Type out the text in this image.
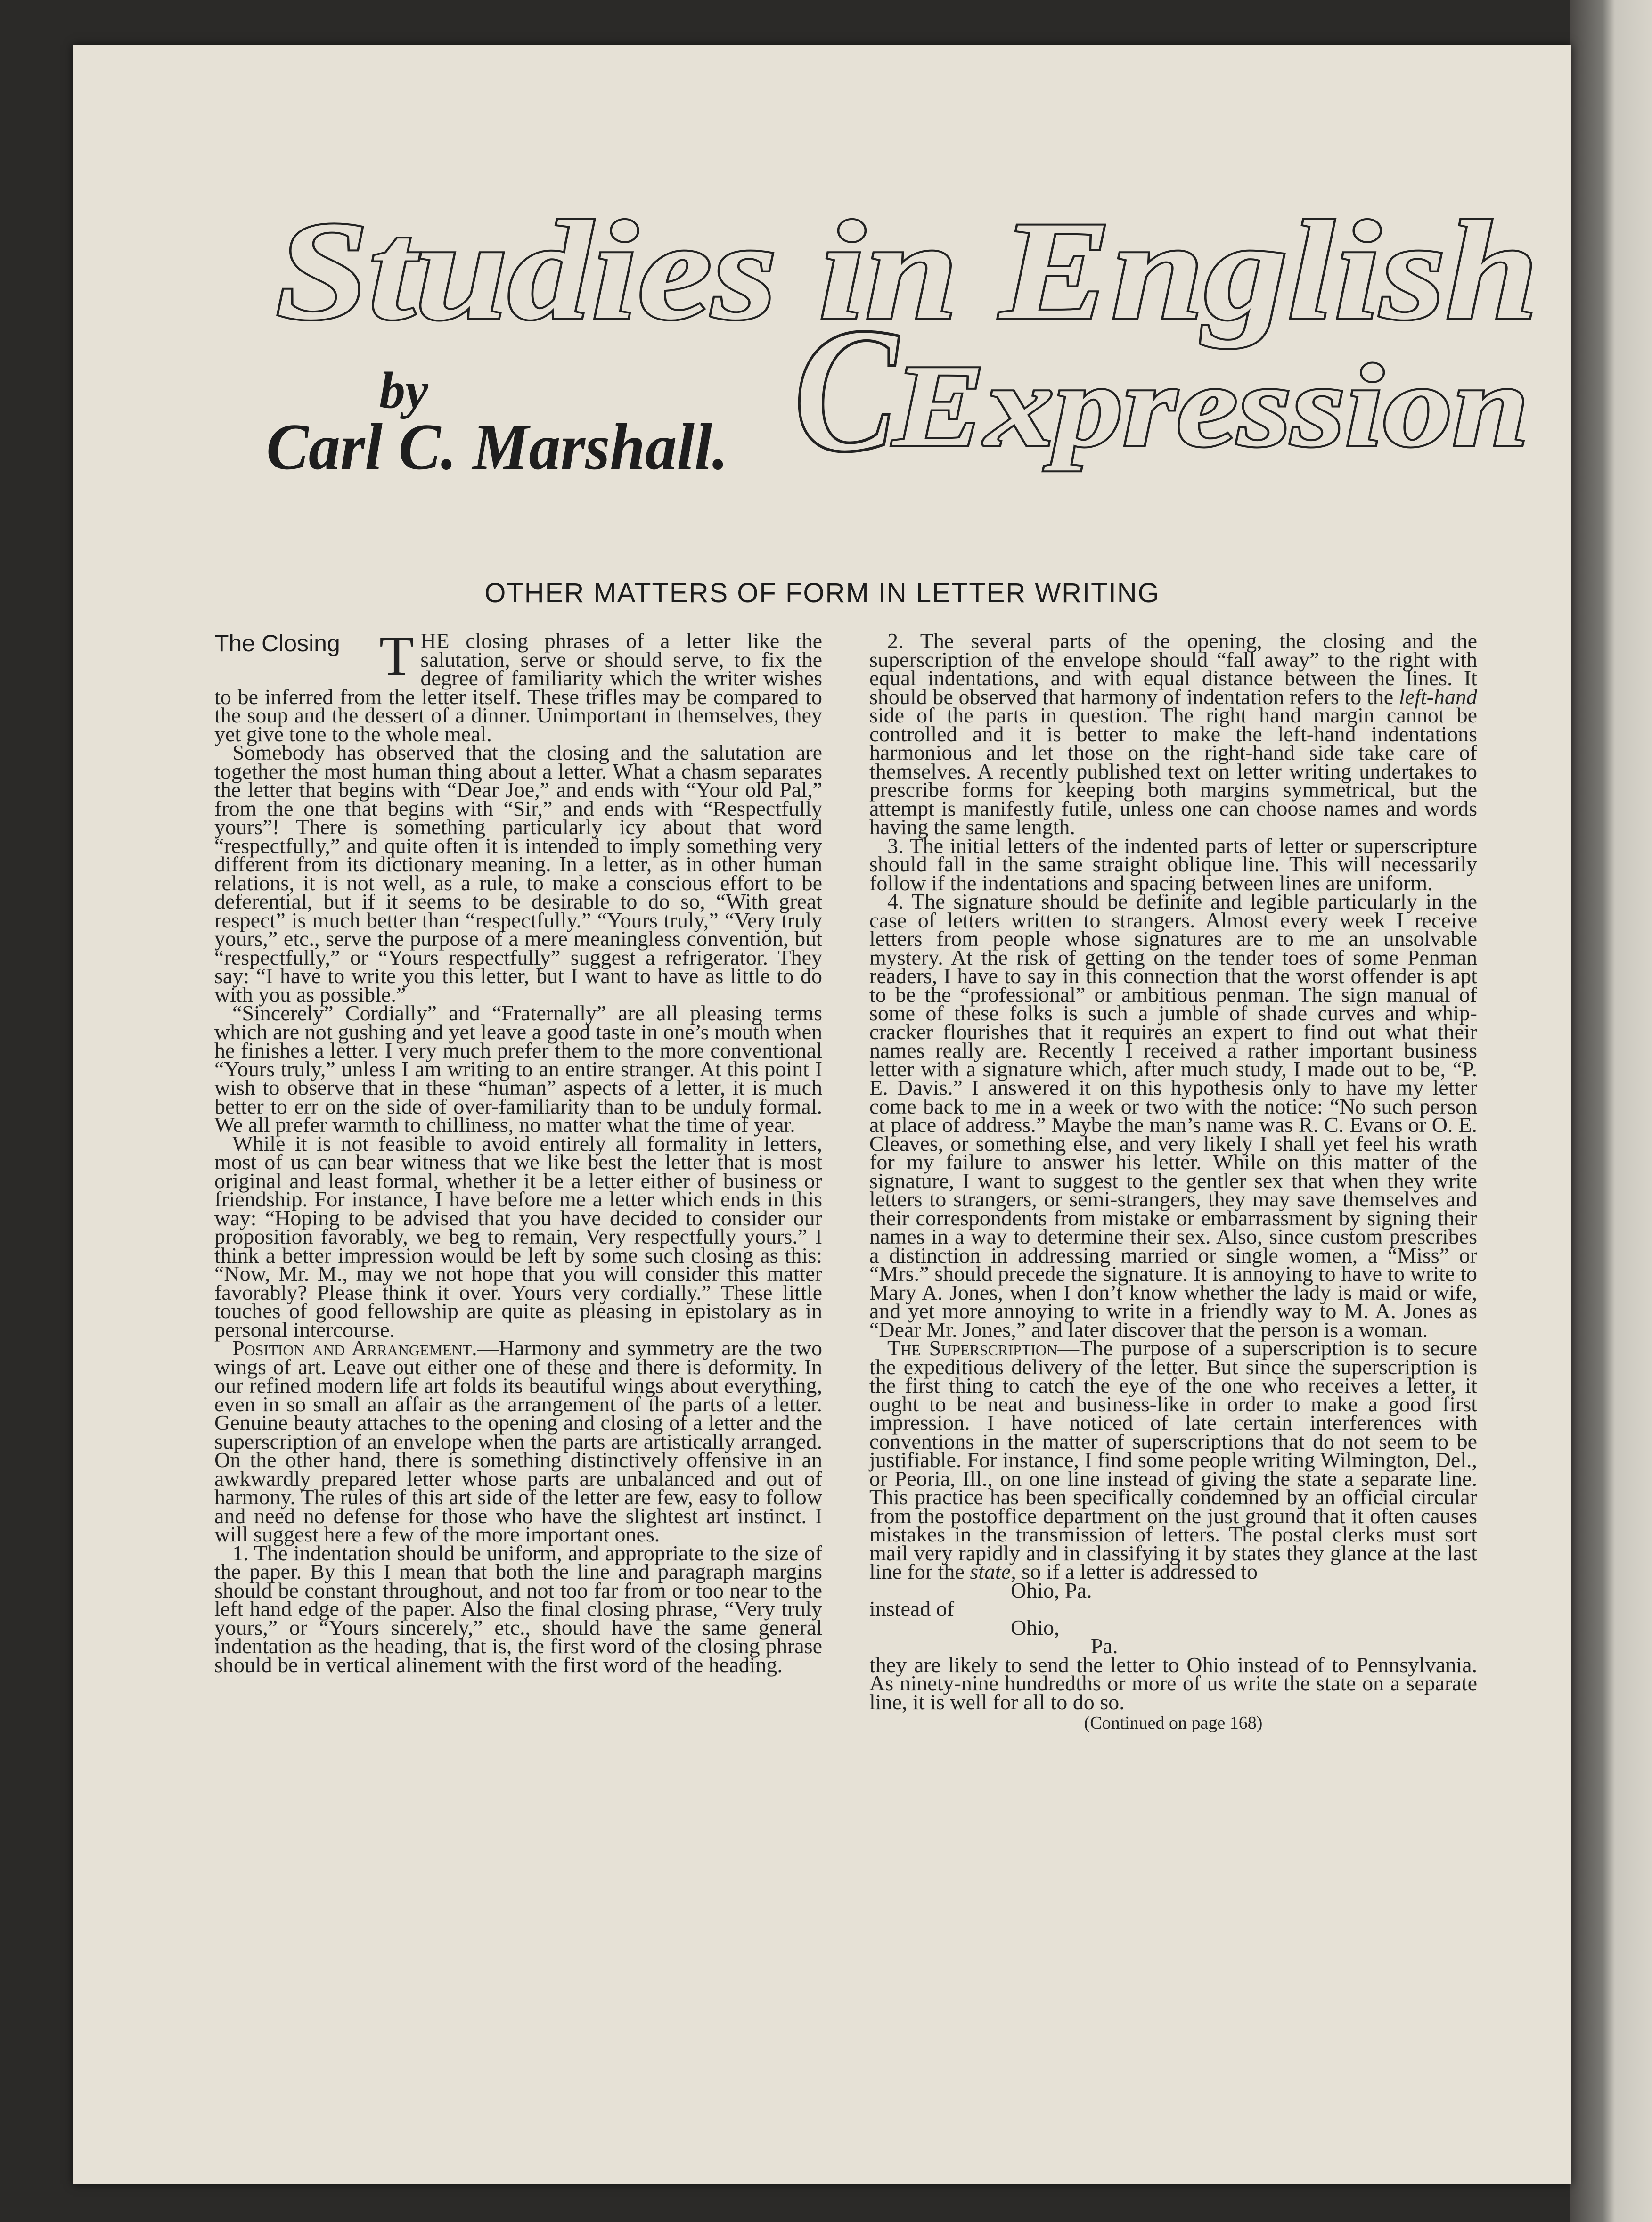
Studies in English
C
Expression
by
Carl C. Marshall.
OTHER MATTERS OF FORM IN LETTER WRITING

The Closing T HE closing phrases of a letter like the salutation, serve or should serve, to fix the degree of familiarity which the writer wishes to be inferred from the letter itself. These trifles may be compared to the soup and the dessert of a dinner. Unimportant in themselves, they yet give tone to the whole meal.

Somebody has observed that the closing and the salutation are together the most human thing about a letter. What a chasm separates the letter that begins with “Dear Joe,” and ends with “Your old Pal,” from the one that begins with “Sir,” and ends with “Respectfully yours”! There is something particularly icy about that word “respectfully,” and quite often it is intended to imply something very different from its dictionary meaning. In a letter, as in other human relations, it is not well, as a rule, to make a conscious effort to be deferential, but if it seems to be desirable to do so, “With great respect” is much better than “respectfully.” “Yours truly,” “Very truly yours,” etc., serve the purpose of a mere meaningless convention, but “respectfully,” or “Yours respectfully” suggest a refrigerator. They say: “I have to write you this letter, but I want to have as little to do with you as possible.”

“Sincerely” Cordially” and “Fraternally” are all pleasing terms which are not gushing and yet leave a good taste in one’s mouth when he finishes a letter. I very much prefer them to the more conventional “Yours truly,” unless I am writing to an entire stranger. At this point I wish to observe that in these “human” aspects of a letter, it is much better to err on the side of over-familiarity than to be unduly formal. We all prefer warmth to chilliness, no matter what the time of year.

While it is not feasible to avoid entirely all formality in letters, most of us can bear witness that we like best the letter that is most original and least formal, whether it be a letter either of business or friendship. For instance, I have before me a letter which ends in this way: “Hoping to be advised that you have decided to consider our proposition favorably, we beg to remain, Very respectfully yours.” I think a better impression would be left by some such closing as this: “Now, Mr. M., may we not hope that you will consider this matter favorably? Please think it over. Yours very cordially.” These little touches of good fellowship are quite as pleasing in epistolary as in personal intercourse.

Position and Arrangement.—Harmony and symmetry are the two wings of art. Leave out either one of these and there is deformity. In our refined modern life art folds its beautiful wings about everything, even in so small an affair as the arrangement of the parts of a letter. Genuine beauty attaches to the opening and closing of a letter and the superscription of an envelope when the parts are artistically arranged. On the other hand, there is something distinctively offensive in an awkwardly prepared letter whose parts are unbalanced and out of harmony. The rules of this art side of the letter are few, easy to follow and need no defense for those who have the slightest art instinct. I will suggest here a few of the more important ones.

1. The indentation should be uniform, and appropriate to the size of the paper. By this I mean that both the line and paragraph margins should be constant throughout, and not too far from or too near to the left hand edge of the paper. Also the final closing phrase, “Very truly yours,” or “Yours sincerely,” etc., should have the same general indentation as the heading, that is, the first word of the closing phrase should be in vertical alinement with the first word of the heading.

2. The several parts of the opening, the closing and the superscription of the envelope should “fall away” to the right with equal indentations, and with equal distance between the lines. It should be observed that harmony of indentation refers to the left-hand side of the parts in question. The right hand margin cannot be controlled and it is better to make the left-hand indentations harmonious and let those on the right-hand side take care of themselves. A recently published text on letter writing undertakes to prescribe forms for keeping both margins symmetrical, but the attempt is manifestly futile, unless one can choose names and words having the same length.

3. The initial letters of the indented parts of letter or superscripture should fall in the same straight oblique line. This will necessarily follow if the indentations and spacing between lines are uniform.

4. The signature should be definite and legible particularly in the case of letters written to strangers. Almost every week I receive letters from people whose signatures are to me an unsolvable mystery. At the risk of getting on the tender toes of some Penman readers, I have to say in this connection that the worst offender is apt to be the “professional” or ambitious penman. The sign manual of some of these folks is such a jumble of shade curves and whip-cracker flourishes that it requires an expert to find out what their names really are. Recently I received a rather important business letter with a signature which, after much study, I made out to be, “P. E. Davis.” I answered it on this hypothesis only to have my letter come back to me in a week or two with the notice: “No such person at place of address.” Maybe the man’s name was R. C. Evans or O. E. Cleaves, or something else, and very likely I shall yet feel his wrath for my failure to answer his letter. While on this matter of the signature, I want to suggest to the gentler sex that when they write letters to strangers, or semi-strangers, they may save themselves and their correspondents from mistake or embarrassment by signing their names in a way to determine their sex. Also, since custom prescribes a distinction in addressing married or single women, a “Miss” or “Mrs.” should precede the signature. It is annoying to have to write to Mary A. Jones, when I don’t know whether the lady is maid or wife, and yet more annoying to write in a friendly way to M. A. Jones as “Dear Mr. Jones,” and later discover that the person is a woman.

The Superscription—The purpose of a superscription is to secure the expeditious delivery of the letter. But since the superscription is the first thing to catch the eye of the one who receives a letter, it ought to be neat and business-like in order to make a good first impression. I have noticed of late certain interferences with conventions in the matter of superscriptions that do not seem to be justifiable. For instance, I find some people writing Wilmington, Del., or Peoria, Ill., on one line instead of giving the state a separate line. This practice has been specifically condemned by an official circular from the postoffice department on the just ground that it often causes mistakes in the transmission of letters. The postal clerks must sort mail very rapidly and in classifying it by states they glance at the last line for the state, so if a letter is addressed to

Ohio, Pa.

instead of

Ohio,

Pa.

they are likely to send the letter to Ohio instead of to Pennsylvania. As ninety-nine hundredths or more of us write the state on a separate line, it is well for all to do so.

(Continued on page 168)
